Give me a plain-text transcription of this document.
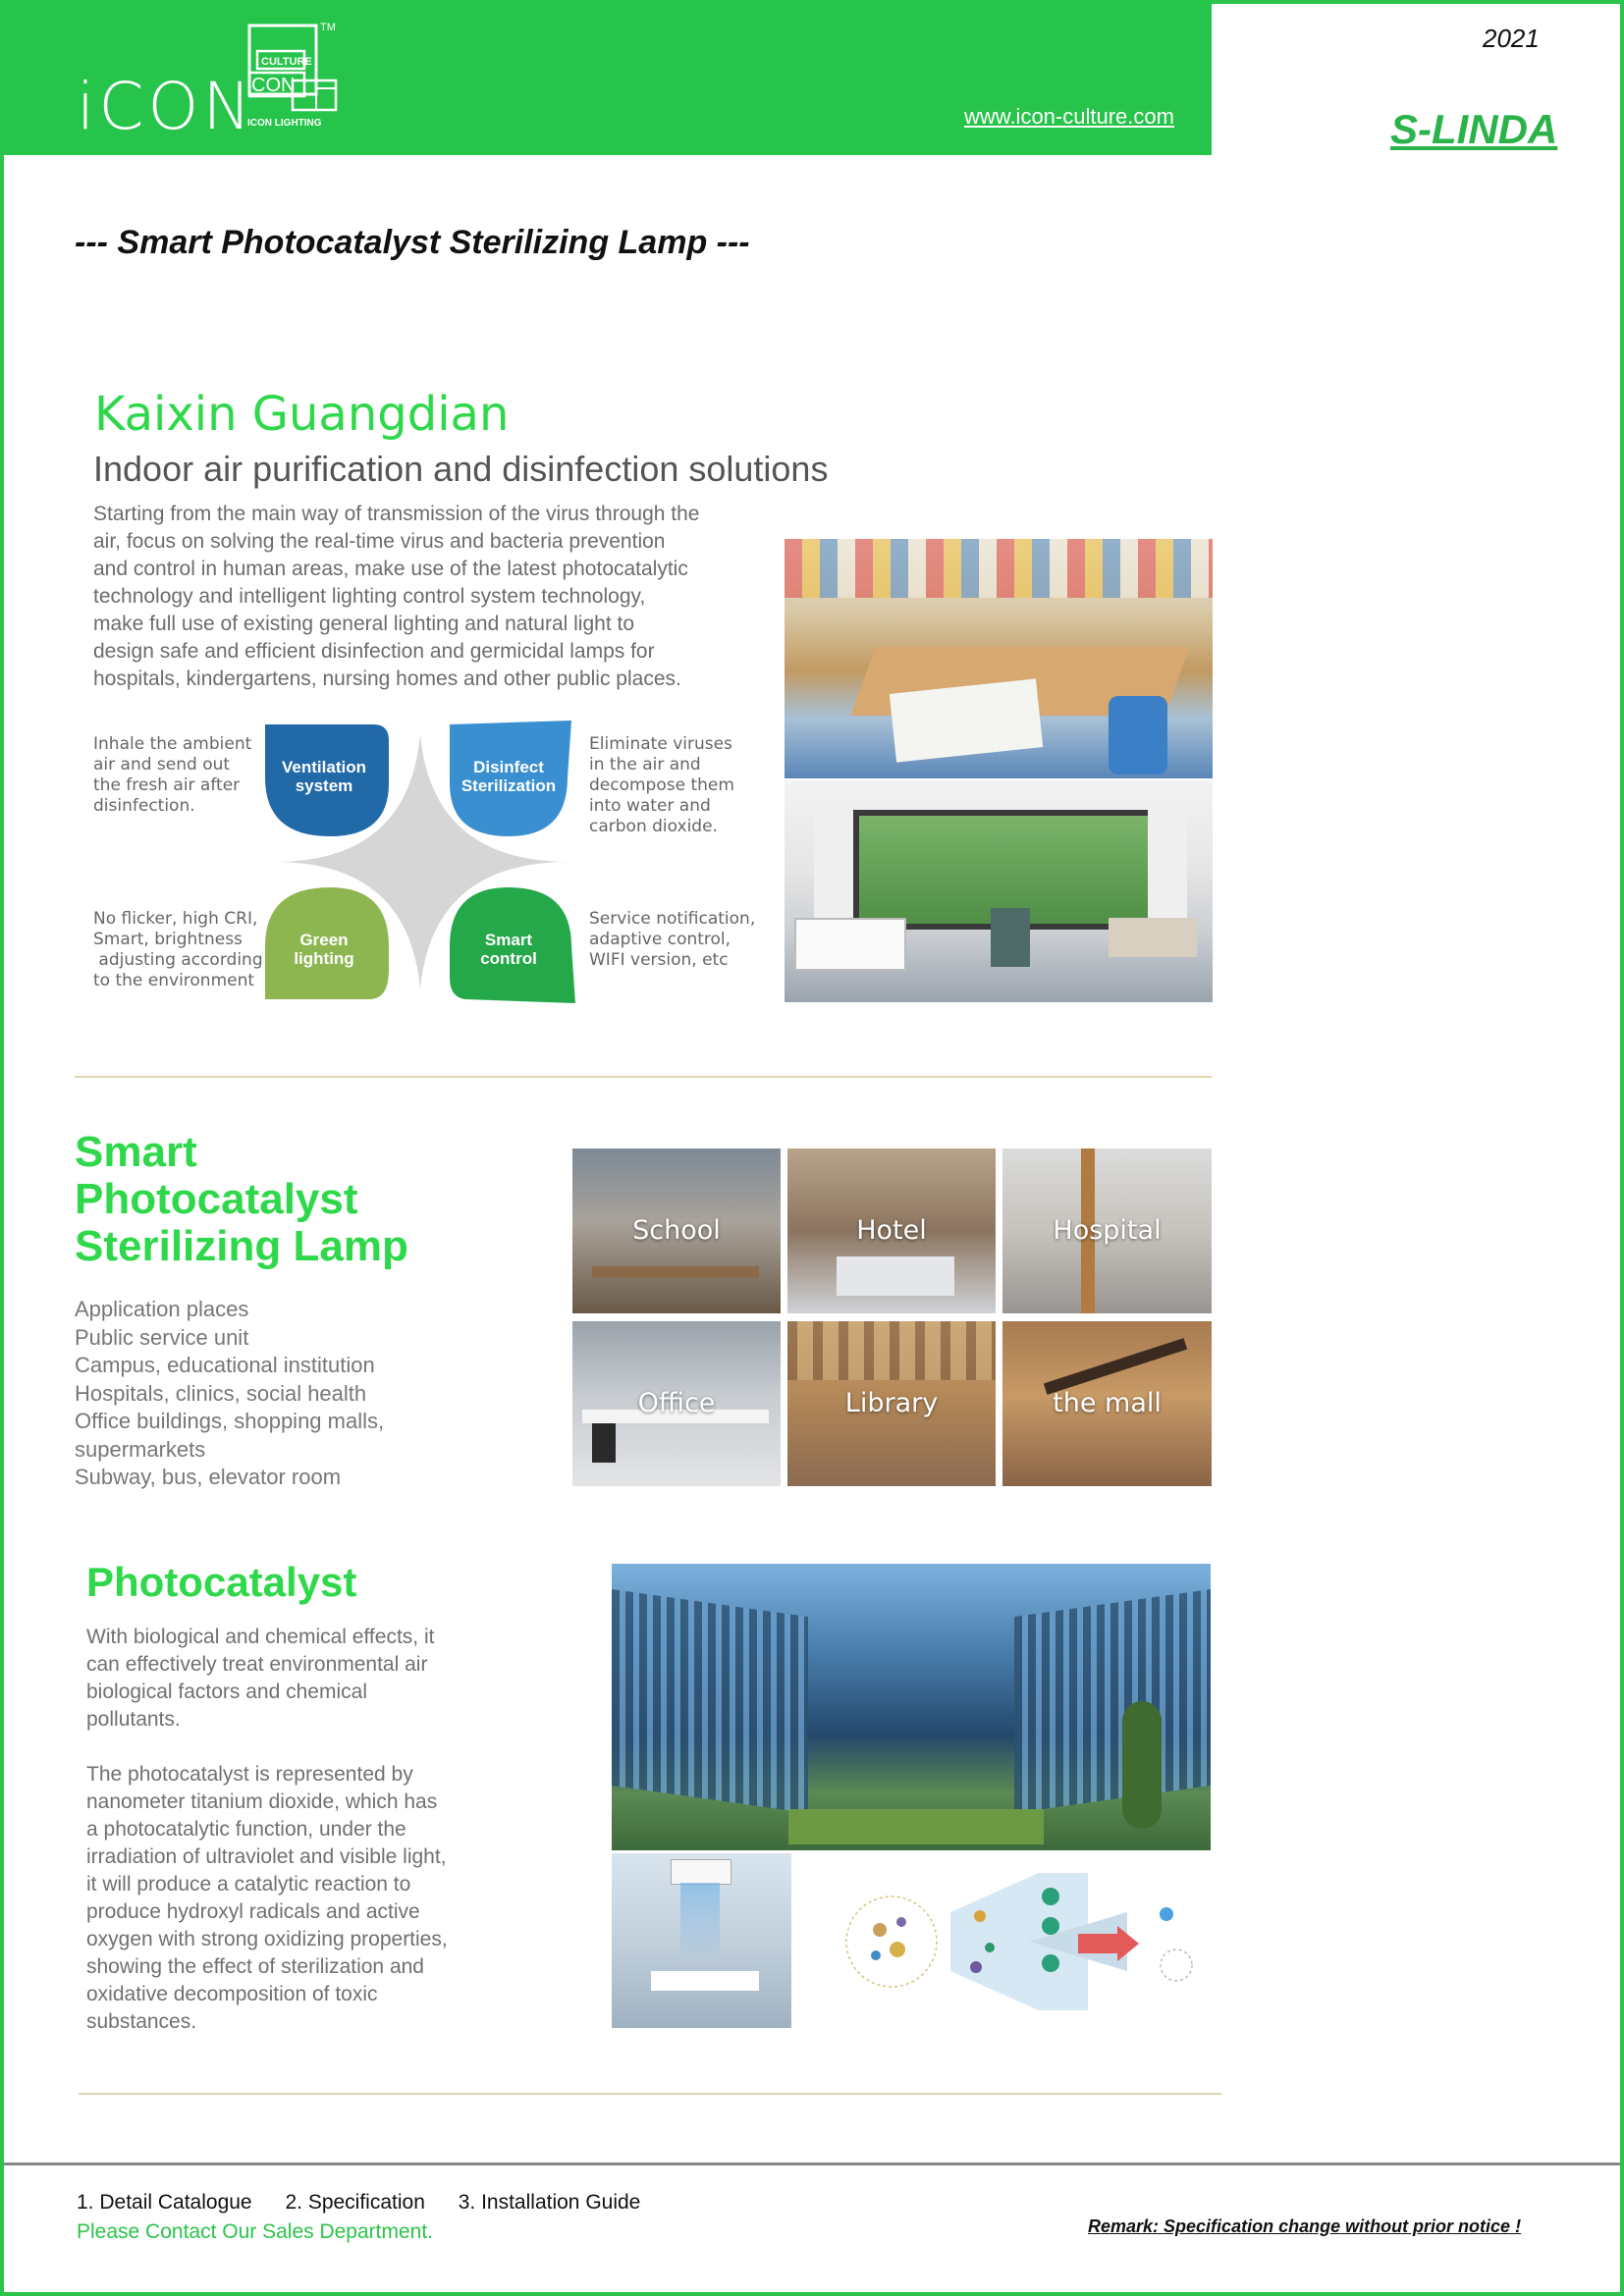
iCON
CULTURE
CON
TM
ICON LIGHTING	www.icon-culture.com
2021
S-LINDA
--- Smart Photocatalyst Sterilizing Lamp ---
Kaixin Guangdian
Indoor air purification and disinfection solutions
Starting from the main way of transmission of the virus through the
air, focus on solving the real-time virus and bacteria prevention
and control in human areas, make use of the latest photocatalytic
technology and intelligent lighting control system technology,
make full use of existing general lighting and natural light to
design safe and efficient disinfection and germicidal lamps for
hospitals, kindergartens, nursing homes and other public places.
Ventilation
system
Disinfect
Sterilization
Green
lighting
Smart
control
Inhale the ambient
air and send out
the fresh air after
disinfection.
Eliminate viruses
in the air and
decompose them
into water and
carbon dioxide.
No flicker, high CRI,
Smart, brightness
adjusting according
to the environment
Service notification,
adaptive control,
WIFI version, etc
Smart
Photocatalyst
Sterilizing Lamp
Application places
Public service unit
Campus, educational institution
Hospitals, clinics, social health
Office buildings, shopping malls,
supermarkets
Subway, bus, elevator room
School	Hotel	Hospital
Office	Library	the mall
Photocatalyst
With biological and chemical effects, it
can effectively treat environmental air
biological factors and chemical
pollutants.
The photocatalyst is represented by
nanometer titanium dioxide, which has
a photocatalytic function, under the
irradiation of ultraviolet and visible light,
it will produce a catalytic reaction to
produce hydroxyl radicals and active
oxygen with strong oxidizing properties,
showing the effect of sterilization and
oxidative decomposition of toxic
substances.
1. Detail Catalogue 2. Specification 3. Installation Guide
Please Contact Our Sales Department.	Remark: Specification change without prior notice !
